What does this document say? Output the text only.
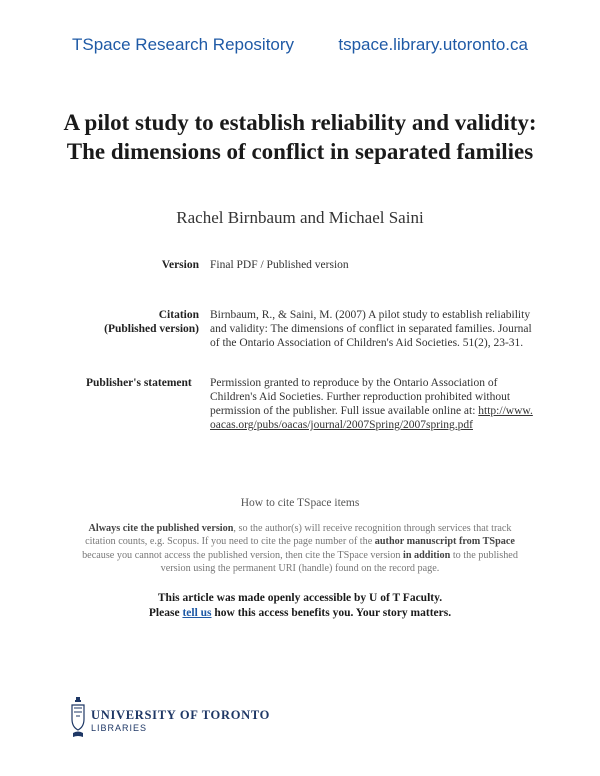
TSpace Research Repository	tspace.library.utoronto.ca
A pilot study to establish reliability and validity: The dimensions of conflict in separated families
Rachel Birnbaum and Michael Saini
Version Final PDF / Published version
Citation
(Published version)
Birnbaum, R., & Saini, M. (2007) A pilot study to establish reliability and validity: The dimensions of conflict in separated families. Journal of the Ontario Association of Children's Aid Societies. 51(2), 23-31.
Publisher's statement	Permission granted to reproduce by the Ontario Association of Children's Aid Societies. Further reproduction prohibited without permission of the publisher. Full issue available online at: http://www.oacas.org/pubs/oacas/journal/2007Spring/2007spring.pdf
How to cite TSpace items
Always cite the published version, so the author(s) will receive recognition through services that track citation counts, e.g. Scopus. If you need to cite the page number of the author manuscript from TSpace because you cannot access the published version, then cite the TSpace version in addition to the published version using the permanent URI (handle) found on the record page.
This article was made openly accessible by U of T Faculty.
Please tell us how this access benefits you. Your story matters.
UNIVERSITY OF TORONTO
LIBRARIES
